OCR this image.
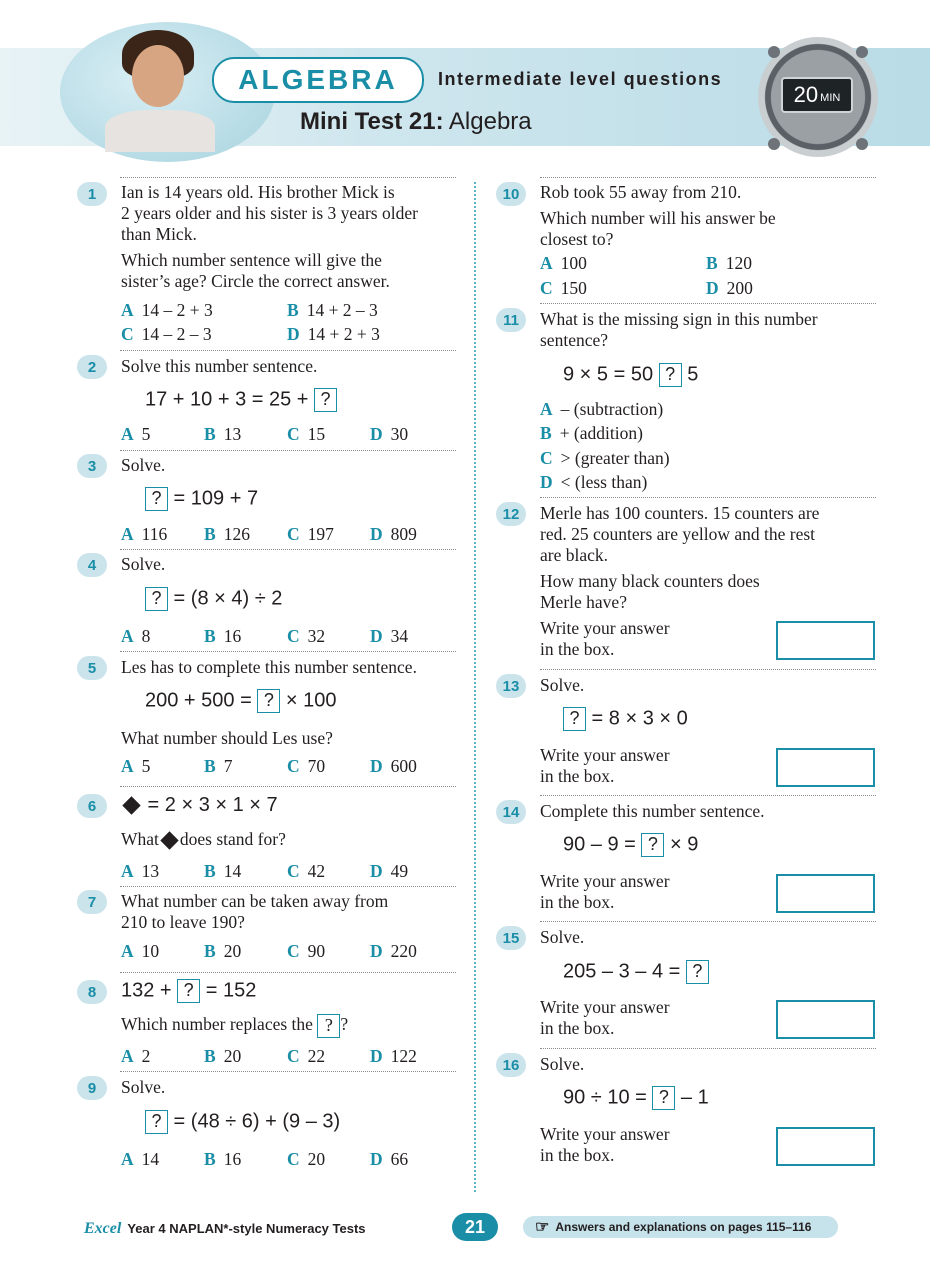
ALGEBRA	Intermediate level questions
Mini Test 21: Algebra
20 MIN
1	Ian is 14 years old. His brother Mick is
2 years older and his sister is 3 years older
than Mick.
Which number sentence will give the
sister’s age? Circle the correct answer.
A 14 – 2 + 3	B 14 + 2 – 3
C 14 – 2 – 3	D 14 + 2 + 3
2	Solve this number sentence.
17 + 10 + 3 = 25 + ?
A 5	B 13	C 15	D 30
3	Solve.
? = 109 + 7
A 116 B 126 C 197 D 809
4	Solve.
? = (8 × 4) ÷ 2
A 8	B 16	C 32	D 34
5	Les has to complete this number sentence.
200 + 500 = ? × 100
What number should Les use?
A 5	B 7	C 70	D 600
6	= 2 × 3 × 1 × 7
What does stand for?
A 13	B 14	C 42	D 49
7	What number can be taken away from
210 to leave 190?
A 10	B 20	C 90	D 220
8	132 + ? = 152
Which number replaces the ? ?
A 2	B 20	C 22	D 122
9	Solve.
? = (48 ÷ 6) + (9 – 3)
A 14	B 16	C 20	D 66
10	Rob took 55 away from 210.
Which number will his answer be
closest to?
A 100	B 120
C 150	D 200
11	What is the missing sign in this number
sentence?
9 × 5 = 50 ? 5
A – (subtraction)
B + (addition)
C > (greater than)
D < (less than)
12	Merle has 100 counters. 15 counters are
red. 25 counters are yellow and the rest
are black.
How many black counters does
Merle have?
Write your answer
in the box.
13	Solve.
? = 8 × 3 × 0
Write your answer
in the box.
14	Complete this number sentence.
90 – 9 = ? × 9
Write your answer
in the box.
15	Solve.
205 – 3 – 4 = ?
Write your answer
in the box.
16	Solve.
90 ÷ 10 = ? – 1
Write your answer
in the box.
Excel Year 4 NAPLAN*-style Numeracy Tests	21	☞ Answers and explanations on pages 115–116
